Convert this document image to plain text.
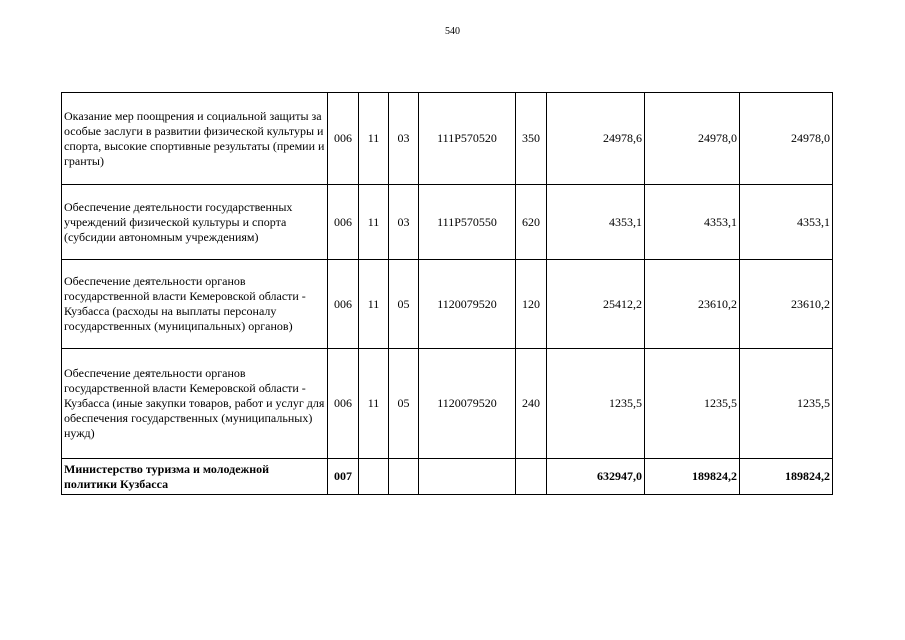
540
Оказание мер поощрения и социальной защиты за особые заслуги в развитии физической культуры и спорта, высокие спортивные результаты (премии и гранты)	006	11	03	111P570520	350	24978,6	24978,0	24978,0
Обеспечение деятельности государственных учреждений физической культуры и спорта (субсидии автономным учреждениям)	006	11	03	111P570550	620	4353,1	4353,1	4353,1
Обеспечение деятельности органов государственной власти Кемеровской области - Кузбасса (расходы на выплаты персоналу государственных (муниципальных) органов)	006	11	05	1120079520	120	25412,2	23610,2	23610,2
Обеспечение деятельности органов государственной власти Кемеровской области - Кузбасса (иные закупки товаров, работ и услуг для обеспечения государственных (муниципальных) нужд)	006	11	05	1120079520	240	1235,5	1235,5	1235,5
Министерство туризма и молодежной политики Кузбасса	007					632947,0	189824,2	189824,2
